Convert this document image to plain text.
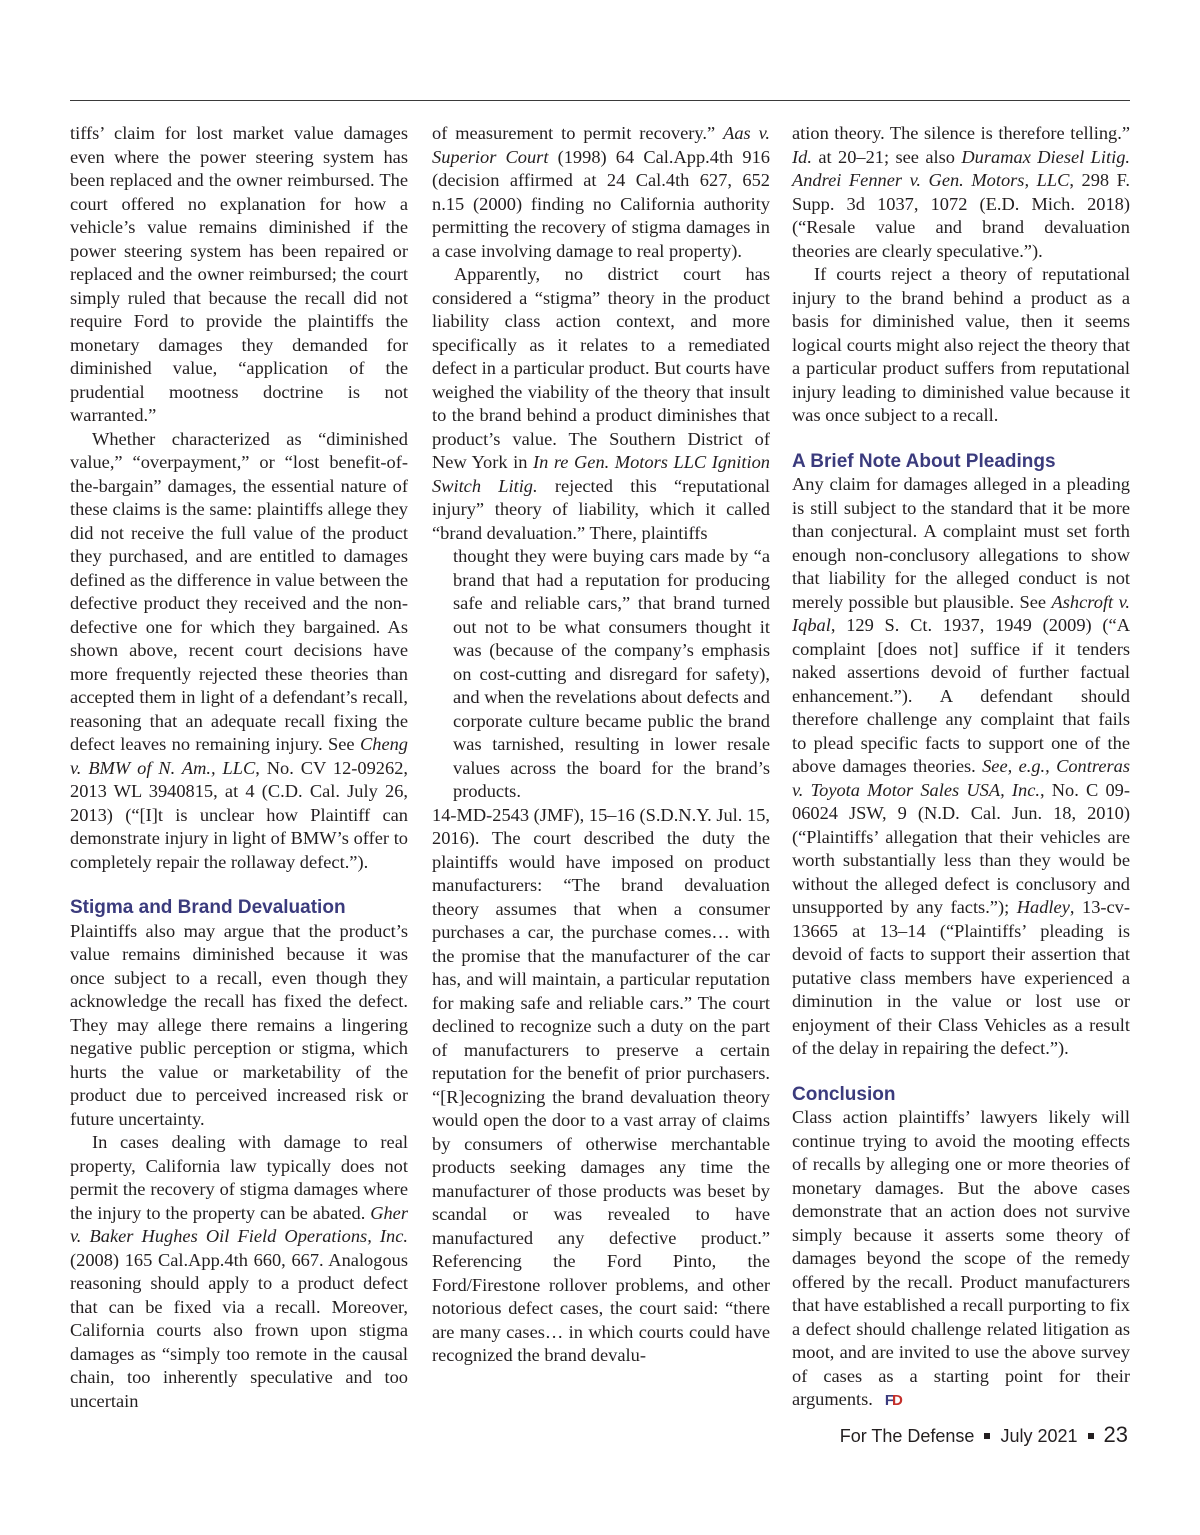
tiffs’ claim for lost market value damages even where the power steering system has been replaced and the owner reimbursed. The court offered no explanation for how a vehicle’s value remains diminished if the power steering system has been repaired or replaced and the owner reimbursed; the court simply ruled that because the recall did not require Ford to provide the plaintiffs the monetary damages they demanded for diminished value, “application of the prudential mootness doctrine is not warranted.”

Whether characterized as “diminished value,” “overpayment,” or “lost benefit-of-the-bargain” damages, the essential nature of these claims is the same: plaintiffs allege they did not receive the full value of the product they purchased, and are entitled to damages defined as the difference in value between the defective product they received and the non-defective one for which they bargained. As shown above, recent court decisions have more frequently rejected these theories than accepted them in light of a defendant’s recall, reasoning that an adequate recall fixing the defect leaves no remaining injury. See Cheng v. BMW of N. Am., LLC, No. CV 12-09262, 2013 WL 3940815, at 4 (C.D. Cal. July 26, 2013) (“[I]t is unclear how Plaintiff can demonstrate injury in light of BMW’s offer to completely repair the rollaway defect.”).

Stigma and Brand Devaluation

Plaintiffs also may argue that the product’s value remains diminished because it was once subject to a recall, even though they acknowledge the recall has fixed the defect. They may allege there remains a lingering negative public perception or stigma, which hurts the value or marketability of the product due to perceived increased risk or future uncertainty.

In cases dealing with damage to real property, California law typically does not permit the recovery of stigma damages where the injury to the property can be abated. Gher v. Baker Hughes Oil Field Operations, Inc. (2008) 165 Cal.App.4th 660, 667. Analogous reasoning should apply to a product defect that can be fixed via a recall. Moreover, California courts also frown upon stigma damages as “simply too remote in the causal chain, too inherently speculative and too uncertain

of measurement to permit recovery.” Aas v. Superior Court (1998) 64 Cal.App.4th 916 (decision affirmed at 24 Cal.4th 627, 652 n.15 (2000) finding no California authority permitting the recovery of stigma damages in a case involving damage to real property).

Apparently, no district court has considered a “stigma” theory in the product liability class action context, and more specifically as it relates to a remediated defect in a particular product. But courts have weighed the viability of the theory that insult to the brand behind a product diminishes that product’s value. The Southern District of New York in In re Gen. Motors LLC Ignition Switch Litig. rejected this “reputational injury” theory of liability, which it called “brand devaluation.” There, plaintiffs

thought they were buying cars made by “a brand that had a reputation for producing safe and reliable cars,” that brand turned out not to be what consumers thought it was (because of the company’s emphasis on cost-cutting and disregard for safety), and when the revelations about defects and corporate culture became public the brand was tarnished, resulting in lower resale values across the board for the brand’s products.

14-MD-2543 (JMF), 15–16 (S.D.N.Y. Jul. 15, 2016). The court described the duty the plaintiffs would have imposed on product manufacturers: “The brand devaluation theory assumes that when a consumer purchases a car, the purchase comes… with the promise that the manufacturer of the car has, and will maintain, a particular reputation for making safe and reliable cars.” The court declined to recognize such a duty on the part of manufacturers to preserve a certain reputation for the benefit of prior purchasers. “[R]ecognizing the brand devaluation theory would open the door to a vast array of claims by consumers of otherwise merchantable products seeking damages any time the manufacturer of those products was beset by scandal or was revealed to have manufactured any defective product.” Referencing the Ford Pinto, the Ford/Firestone rollover problems, and other notorious defect cases, the court said: “there are many cases… in which courts could have recognized the brand devalu-

ation theory. The silence is therefore telling.” Id. at 20–21; see also Duramax Diesel Litig. Andrei Fenner v. Gen. Motors, LLC, 298 F. Supp. 3d 1037, 1072 (E.D. Mich. 2018) (“Resale value and brand devaluation theories are clearly speculative.”).

If courts reject a theory of reputational injury to the brand behind a product as a basis for diminished value, then it seems logical courts might also reject the theory that a particular product suffers from reputational injury leading to diminished value because it was once subject to a recall.

A Brief Note About Pleadings

Any claim for damages alleged in a pleading is still subject to the standard that it be more than conjectural. A complaint must set forth enough non-conclusory allegations to show that liability for the alleged conduct is not merely possible but plausible. See Ashcroft v. Iqbal, 129 S. Ct. 1937, 1949 (2009) (“A complaint [does not] suffice if it tenders naked assertions devoid of further factual enhancement.”). A defendant should therefore challenge any complaint that fails to plead specific facts to support one of the above damages theories. See, e.g., Contreras v. Toyota Motor Sales USA, Inc., No. C 09-06024 JSW, 9 (N.D. Cal. Jun. 18, 2010) (“Plaintiffs’ allegation that their vehicles are worth substantially less than they would be without the alleged defect is conclusory and unsupported by any facts.”); Hadley, 13-cv-13665 at 13–14 (“Plaintiffs’ pleading is devoid of facts to support their assertion that putative class members have experienced a diminution in the value or lost use or enjoyment of their Class Vehicles as a result of the delay in repairing the defect.”).

Conclusion

Class action plaintiffs’ lawyers likely will continue trying to avoid the mooting effects of recalls by alleging one or more theories of monetary damages. But the above cases demonstrate that an action does not survive simply because it asserts some theory of damages beyond the scope of the remedy offered by the recall. Product manufacturers that have established a recall purporting to fix a defect should challenge related litigation as moot, and are invited to use the above survey of cases as a starting point for their arguments. FD

For The Defense July 2021 23
